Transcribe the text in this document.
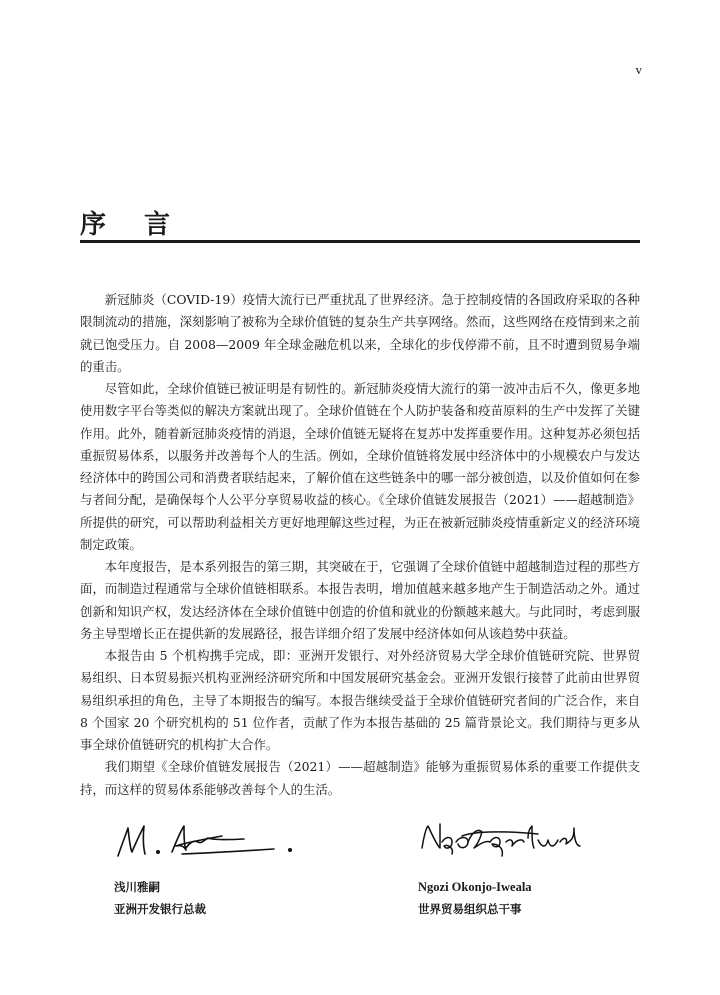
v
序言

新冠肺炎（COVID-19）疫情大流行已严重扰乱了世界经济。急于控制疫情的各国政府采取的各种限制流动的措施，深刻影响了被称为全球价值链的复杂生产共享网络。然而，这些网络在疫情到来之前就已饱受压力。自 2008—2009 年全球金融危机以来，全球化的步伐停滞不前，且不时遭到贸易争端的重击。

尽管如此，全球价值链已被证明是有韧性的。新冠肺炎疫情大流行的第一波冲击后不久，像更多地使用数字平台等类似的解决方案就出现了。全球价值链在个人防护装备和疫苗原料的生产中发挥了关键作用。此外，随着新冠肺炎疫情的消退，全球价值链无疑将在复苏中发挥重要作用。这种复苏必须包括重振贸易体系，以服务并改善每个人的生活。例如，全球价值链将发展中经济体中的小规模农户与发达经济体中的跨国公司和消费者联结起来，了解价值在这些链条中的哪一部分被创造，以及价值如何在参与者间分配，是确保每个人公平分享贸易收益的核心。《全球价值链发展报告（2021）——超越制造》所提供的研究，可以帮助利益相关方更好地理解这些过程，为正在被新冠肺炎疫情重新定义的经济环境制定政策。

本年度报告，是本系列报告的第三期，其突破在于，它强调了全球价值链中超越制造过程的那些方面，而制造过程通常与全球价值链相联系。本报告表明，增加值越来越多地产生于制造活动之外。通过创新和知识产权，发达经济体在全球价值链中创造的价值和就业的份额越来越大。与此同时，考虑到服务主导型增长正在提供新的发展路径，报告详细介绍了发展中经济体如何从该趋势中获益。

本报告由 5 个机构携手完成，即：亚洲开发银行、对外经济贸易大学全球价值链研究院、世界贸易组织、日本贸易振兴机构亚洲经济研究所和中国发展研究基金会。亚洲开发银行接替了此前由世界贸易组织承担的角色，主导了本期报告的编写。本报告继续受益于全球价值链研究者间的广泛合作，来自 8 个国家 20 个研究机构的 51 位作者，贡献了作为本报告基础的 25 篇背景论文。我们期待与更多从事全球价值链研究的机构扩大合作。

我们期望《全球价值链发展报告（2021）——超越制造》能够为重振贸易体系的重要工作提供支持，而这样的贸易体系能够改善每个人的生活。

浅川雅嗣
亚洲开发银行总裁
Ngozi Okonjo-Iweala
世界贸易组织总干事
